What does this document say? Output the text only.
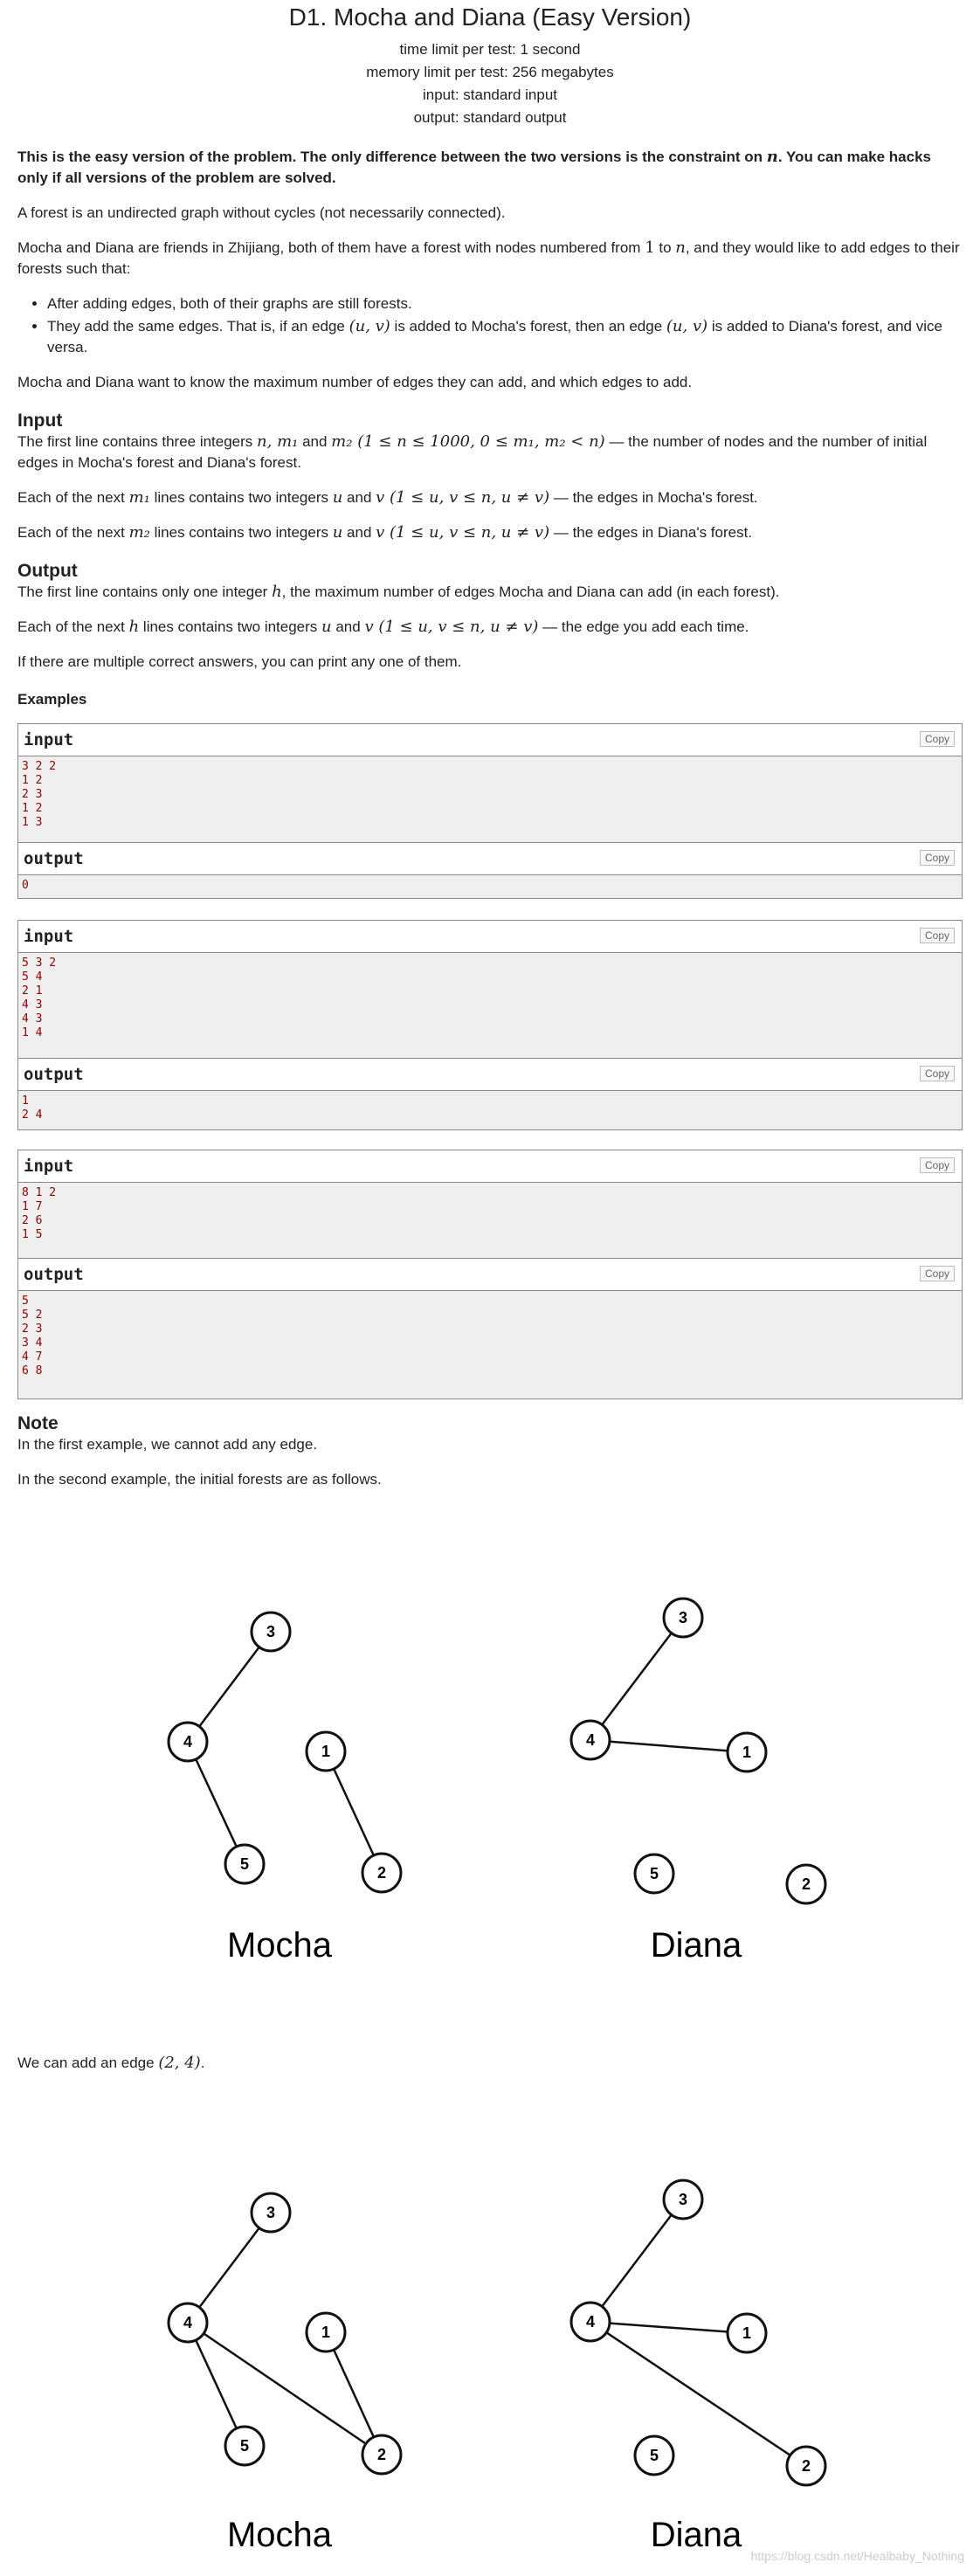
D1. Mocha and Diana (Easy Version)
time limit per test: 1 second
memory limit per test: 256 megabytes
input: standard input
output: standard output

This is the easy version of the problem. The only difference between the two versions is the constraint on n. You can make hacks only if all versions of the problem are solved.

A forest is an undirected graph without cycles (not necessarily connected).

Mocha and Diana are friends in Zhijiang, both of them have a forest with nodes numbered from 1 to n, and they would like to add edges to their forests such that:

• After adding edges, both of their graphs are still forests.
• They add the same edges. That is, if an edge (u, v) is added to Mocha's forest, then an edge (u, v) is added to Diana's forest, and vice versa.

Mocha and Diana want to know the maximum number of edges they can add, and which edges to add.

Input

The first line contains three integers n, m₁ and m₂ (1 ≤ n ≤ 1000, 0 ≤ m₁, m₂ < n) — the number of nodes and the number of initial edges in Mocha's forest and Diana's forest.

Each of the next m₁ lines contains two integers u and v (1 ≤ u, v ≤ n, u ≠ v) — the edges in Mocha's forest.

Each of the next m₂ lines contains two integers u and v (1 ≤ u, v ≤ n, u ≠ v) — the edges in Diana's forest.

Output

The first line contains only one integer h, the maximum number of edges Mocha and Diana can add (in each forest).

Each of the next h lines contains two integers u and v (1 ≤ u, v ≤ n, u ≠ v) — the edge you add each time.

If there are multiple correct answers, you can print any one of them.

Examples
input	Copy
3 2 2
1 2
2 3
1 2
1 3
output	Copy
0
input	Copy
5 3 2
5 4
2 1
4 3
4 3
1 4
output	Copy
1
2 4
input	Copy
8 1 2
1 7
2 6
1 5
output	Copy
5
5 2
2 3
3 4
4 7
6 8
Note

In the first example, we cannot add any edge.

In the second example, the initial forests are as follows.

3
4
1
5	2
Mocha
3
4
1
5
2
Diana

We can add an edge (2, 4).

3
4
1
5	2
Mocha
3
4
1
5
2
Diana
https://blog.csdn.net/Healbaby_Nothing
